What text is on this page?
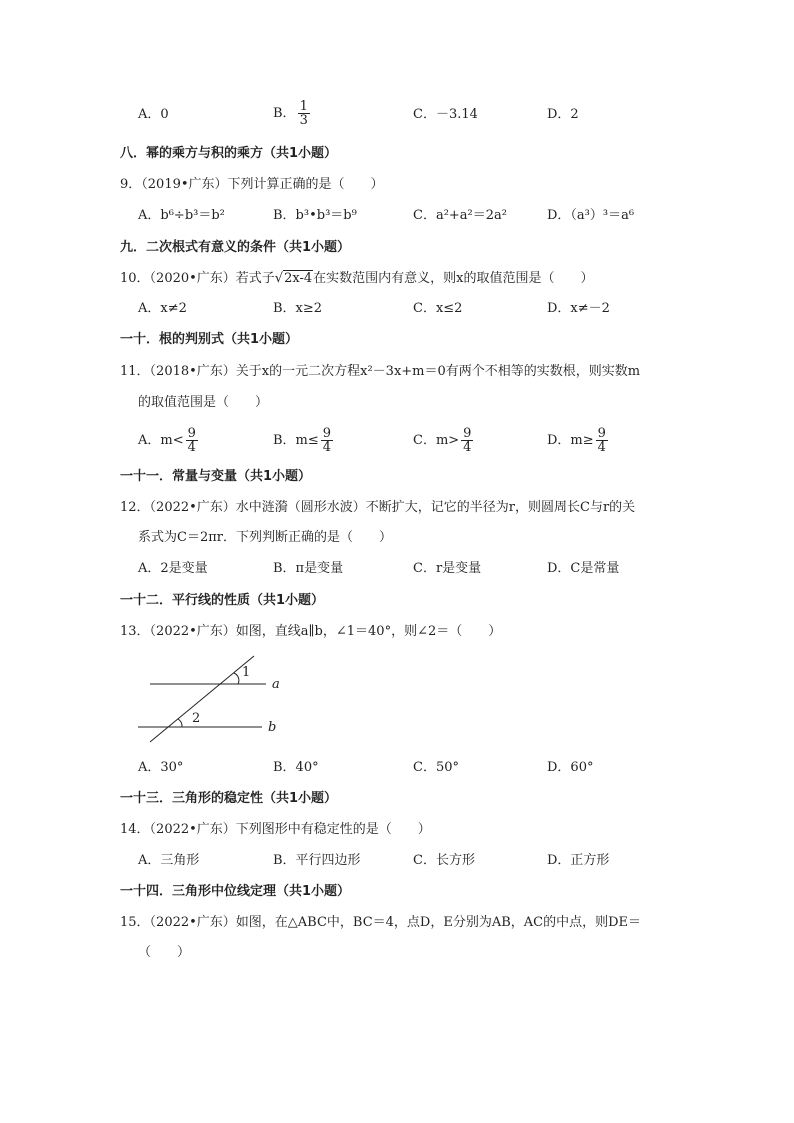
A．0	B． $\frac{1}{3}$	C．－3.14	D．2
八．幂的乘方与积的乘方（共1小题）
9．（2019•广东）下列计算正确的是（　　）
A．b⁶÷b³＝b²	B．b³•b³＝b⁹	C．a²+a²＝2a²	D．（a³）³＝a⁶
九．二次根式有意义的条件（共1小题）
10．（2020•广东）若式子√2x-4在实数范围内有意义，则x的取值范围是（　　）
A．x≠2	B．x≥2	C．x≤2	D．x≠－2
一十．根的判别式（共1小题）
11．（2018•广东）关于x的一元二次方程x²－3x+m＝0有两个不相等的实数根，则实数m
的取值范围是（　　）
A．$m< \frac{9}{4}$	B．$m\le \frac{9}{4}$	C．$m> \frac{9}{4}$	D．$m\ge \frac{9}{4}$
一十一．常量与变量（共1小题）
12．（2022•广东）水中涟漪（圆形水波）不断扩大，记它的半径为r，则圆周长C与r的关
系式为C＝2πr．下列判断正确的是（　　）
A．2是变量	B．π是变量	C．r是变量	D．C是常量
一十二．平行线的性质（共1小题）
13．（2022•广东）如图，直线a∥b，∠1＝40°，则∠2＝（　　）
1
2
a
b
A．30°	B．40°	C．50°	D．60°
一十三．三角形的稳定性（共1小题）
14．（2022•广东）下列图形中有稳定性的是（　　）
A．三角形	B．平行四边形	C．长方形	D．正方形
一十四．三角形中位线定理（共1小题）
15．（2022•广东）如图，在△ABC中，BC＝4，点D，E分别为AB，AC的中点，则DE＝
（　　）
